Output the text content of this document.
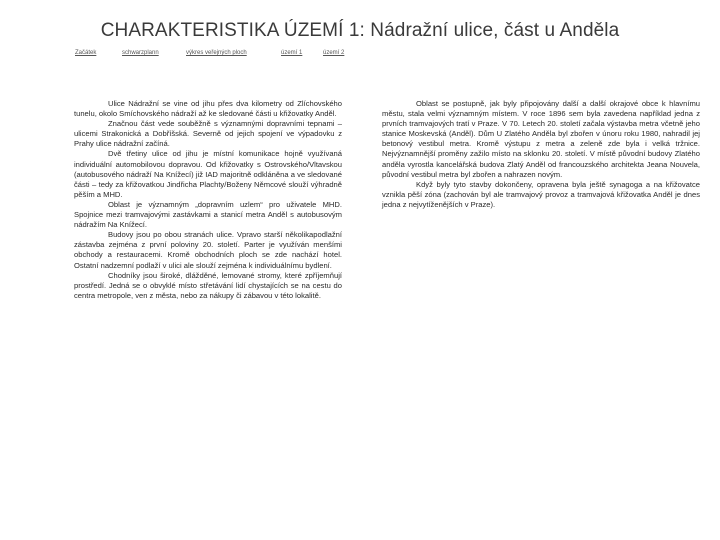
CHARAKTERISTIKA ÚZEMÍ 1: Nádražní ulice, část u Anděla
Začátek	schwarzplann	výkres veřejných ploch	území 1	území 2

Ulice Nádražní se vine od jihu přes dva kilometry od Zlíchovského tunelu, okolo Smíchovského nádraží až ke sledované části u křižovatky Anděl.

Značnou část vede souběžně s významnými dopravními tepnami – ulicemi Strakonická a Dobříšská. Severně od jejich spojení ve výpadovku z Prahy ulice nádražní začíná.

Dvě třetiny ulice od jihu je místní komunikace hojně využívaná individuální automobilovou dopravou. Od křižovatky s Ostrovského/Vltavskou (autobusového nádraží Na Knížecí) již IAD majoritně odkláněna a ve sledované části – tedy za křižovatkou Jindřicha Plachty/Boženy Němcové slouží výhradně pěším a MHD.

Oblast je významným „dopravním uzlem“ pro uživatele MHD. Spojnice mezi tramvajovými zastávkami a stanicí metra Anděl s autobusovým nádražím Na Knížecí.

Budovy jsou po obou stranách ulice. Vpravo starší několikapodlažní zástavba zejména z první poloviny 20. století. Parter je využíván menšími obchody a restauracemi. Kromě obchodních ploch se zde nachází hotel. Ostatní nadzemní podlaží v ulici ale slouží zejména k individuálnímu bydlení.

Chodníky jsou široké, dlážděné, lemované stromy, které zpříjemňují prostředí. Jedná se o obvyklé místo střetávání lidí chystajících se na cestu do centra metropole, ven z města, nebo za nákupy či zábavou v této lokalitě.

Oblast se postupně, jak byly připojovány další a další okrajové obce k hlavnímu městu, stala velmi významným místem. V roce 1896 sem byla zavedena například jedna z prvních tramvajových tratí v Praze. V 70. Letech 20. století začala výstavba metra včetně jeho stanice Moskevská (Anděl). Dům U Zlatého Anděla byl zbořen v únoru roku 1980, nahradil jej betonový vestibul metra. Kromě výstupu z metra a zeleně zde byla i velká tržnice. Nejvýznamnější proměny zažilo místo na sklonku 20. století. V místě původní budovy Zlatého anděla vyrostla kancelářská budova Zlatý Anděl od francouzského architekta Jeana Nouvela, původní vestibul metra byl zbořen a nahrazen novým.

Když byly tyto stavby dokončeny, opravena byla ještě synagoga a na křižovatce vznikla pěší zóna (zachován byl ale tramvajový provoz a tramvajová křižovatka Anděl je dnes jedna z nejvytíženějších v Praze).
